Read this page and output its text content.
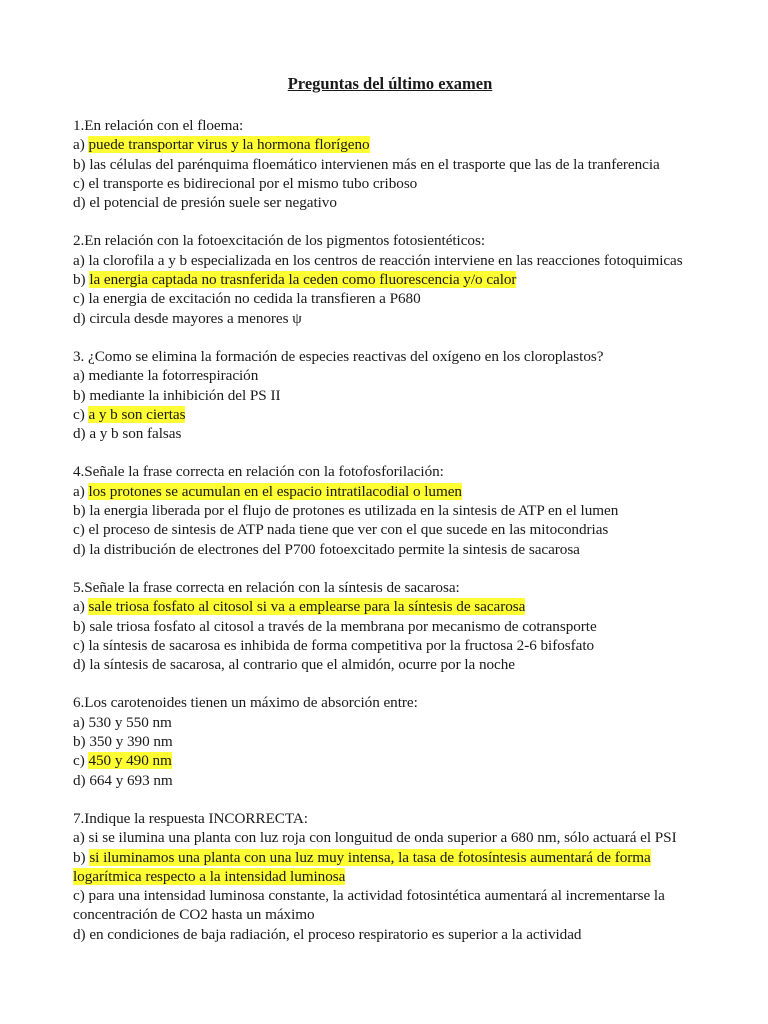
Preguntas del último examen
1.En relación con el floema:
a) puede transportar virus y la hormona florígeno
b) las células del parénquima floemático intervienen más en el trasporte que las de la tranferencia
c) el transporte es bidirecional por el mismo tubo criboso
d) el potencial de presión suele ser negativo
2.En relación con la fotoexcitación de los pigmentos fotosientéticos:
a) la clorofila a y b especializada en los centros de reacción interviene en las reacciones fotoquimicas
b) la energia captada no trasnferida la ceden como fluorescencia y/o calor
c) la energia de excitación no cedida la transfieren a P680
d) circula desde mayores a menores ψ
3. ¿Como se elimina la formación de especies reactivas del oxígeno en los cloroplastos?
a) mediante la fotorrespiración
b) mediante la inhibición del PS II
c) a y b son ciertas
d) a y b son falsas
4.Señale la frase correcta en relación con la fotofosforilación:
a) los protones se acumulan en el espacio intratilacodial o lumen
b) la energia liberada por el flujo de protones es utilizada en la sintesis de ATP en el lumen
c) el proceso de sintesis de ATP nada tiene que ver con el que sucede en las mitocondrias
d) la distribución de electrones del P700 fotoexcitado permite la sintesis de sacarosa
5.Señale la frase correcta en relación con la síntesis de sacarosa:
a) sale triosa fosfato al citosol si va a emplearse para la síntesis de sacarosa
b) sale triosa fosfato al citosol a través de la membrana por mecanismo de cotransporte
c) la síntesis de sacarosa es inhibida de forma competitiva por la fructosa 2-6 bifosfato
d) la síntesis de sacarosa, al contrario que el almidón, ocurre por la noche
6.Los carotenoides tienen un máximo de absorción entre:
a) 530 y 550 nm
b) 350 y 390 nm
c) 450 y 490 nm
d) 664 y 693 nm
7.Indique la respuesta INCORRECTA:
a) si se ilumina una planta con luz roja con longuitud de onda superior a 680 nm, sólo actuará el PSI
b) si iluminamos una planta con una luz muy intensa, la tasa de fotosíntesis aumentará de forma logarítmica respecto a la intensidad luminosa
c) para una intensidad luminosa constante, la actividad fotosintética aumentará al incrementarse la concentración de CO2 hasta un máximo
d) en condiciones de baja radiación, el proceso respiratorio es superior a la actividad
